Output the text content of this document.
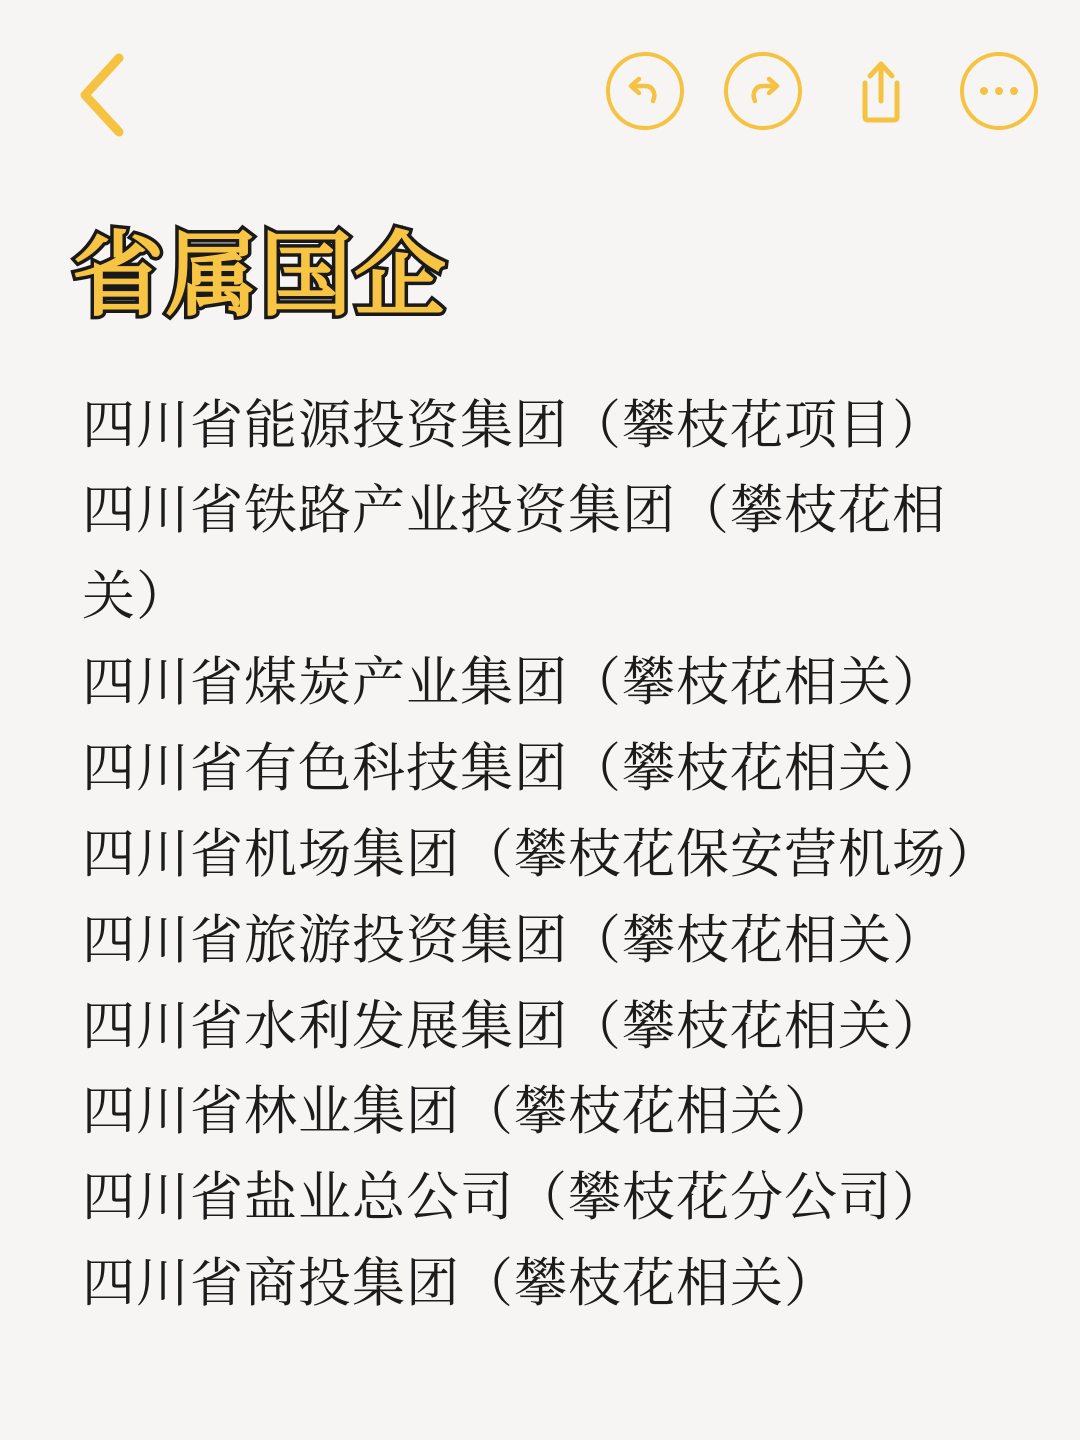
省属国企
四川省能源投资集团（攀枝花项目）
四川省铁路产业投资集团（攀枝花相关）
四川省煤炭产业集团（攀枝花相关）
四川省有色科技集团（攀枝花相关）
四川省机场集团（攀枝花保安营机场）
四川省旅游投资集团（攀枝花相关）
四川省水利发展集团（攀枝花相关）
四川省林业集团（攀枝花相关）
四川省盐业总公司（攀枝花分公司）
四川省商投集团（攀枝花相关）
